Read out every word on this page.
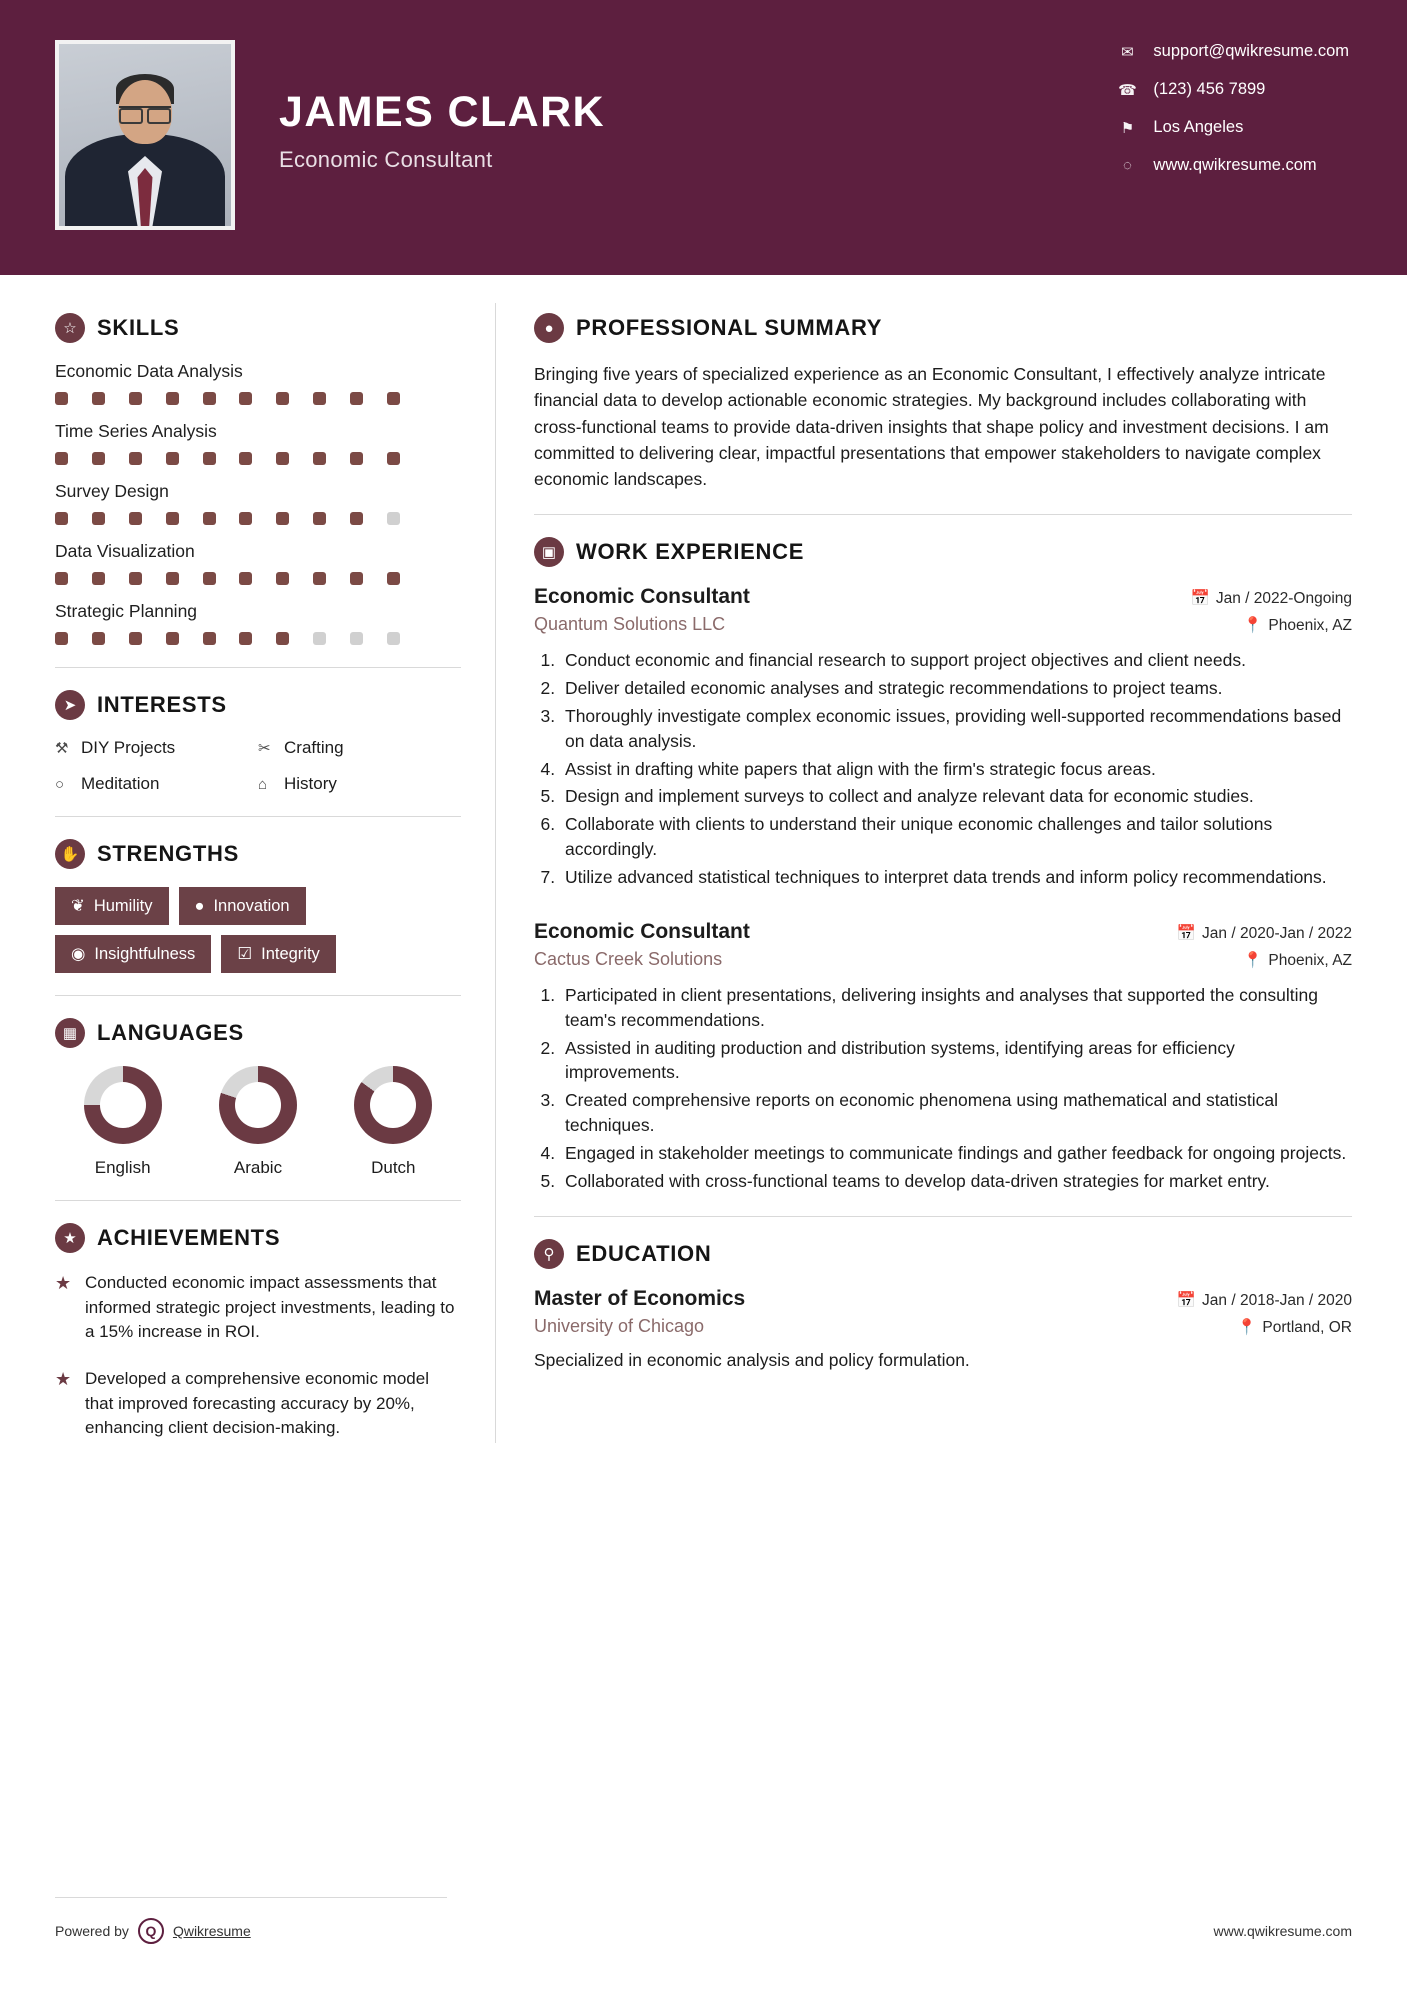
JAMES CLARK
Economic Consultant
✉	support@qwikresume.com
☎ (123) 456 7899
⚑	Los Angeles
◌	www.qwikresume.com
☆ SKILLS
Economic Data Analysis
Time Series Analysis
Survey Design
Data Visualization
Strategic Planning
➤ INTERESTS
⚒ DIY Projects	✂ Crafting
○ Meditation	⌂ History
✋ STRENGTHS
❦ Humility	● Innovation
◉ Insightfulness	☑ Integrity
▦ LANGUAGES
English	Arabic	Dutch
★ ACHIEVEMENTS
★ Conducted economic impact assessments that informed strategic project investments, leading to a 15% increase in ROI.
★ Developed a comprehensive economic model that improved forecasting accuracy by 20%, enhancing client decision-making.
●	PROFESSIONAL SUMMARY
Bringing five years of specialized experience as an Economic Consultant, I effectively analyze intricate financial data to develop actionable economic strategies. My background includes collaborating with cross-functional teams to provide data-driven insights that shape policy and investment decisions. I am committed to delivering clear, impactful presentations that empower stakeholders to navigate complex economic landscapes.
▣ WORK EXPERIENCE
Economic Consultant	📅 Jan / 2022-Ongoing
Quantum Solutions LLC	📍 Phoenix, AZ
1. Conduct economic and financial research to support project objectives and client needs.
2. Deliver detailed economic analyses and strategic recommendations to project teams.
3. Thoroughly investigate complex economic issues, providing well-supported recommendations based on data analysis.
4. Assist in drafting white papers that align with the firm's strategic focus areas.
5. Design and implement surveys to collect and analyze relevant data for economic studies.
6. Collaborate with clients to understand their unique economic challenges and tailor solutions accordingly.
7. Utilize advanced statistical techniques to interpret data trends and inform policy recommendations.
Economic Consultant	📅 Jan / 2020-Jan / 2022
Cactus Creek Solutions	📍 Phoenix, AZ
1. Participated in client presentations, delivering insights and analyses that supported the consulting team's recommendations.
2. Assisted in auditing production and distribution systems, identifying areas for efficiency improvements.
3. Created comprehensive reports on economic phenomena using mathematical and statistical techniques.
4. Engaged in stakeholder meetings to communicate findings and gather feedback for ongoing projects.
5. Collaborated with cross-functional teams to develop data-driven strategies for market entry.
⚲ EDUCATION
Master of Economics	📅 Jan / 2018-Jan / 2020
University of Chicago	📍 Portland, OR
Specialized in economic analysis and policy formulation.
Powered by	Q	Qwikresume	www.qwikresume.com
